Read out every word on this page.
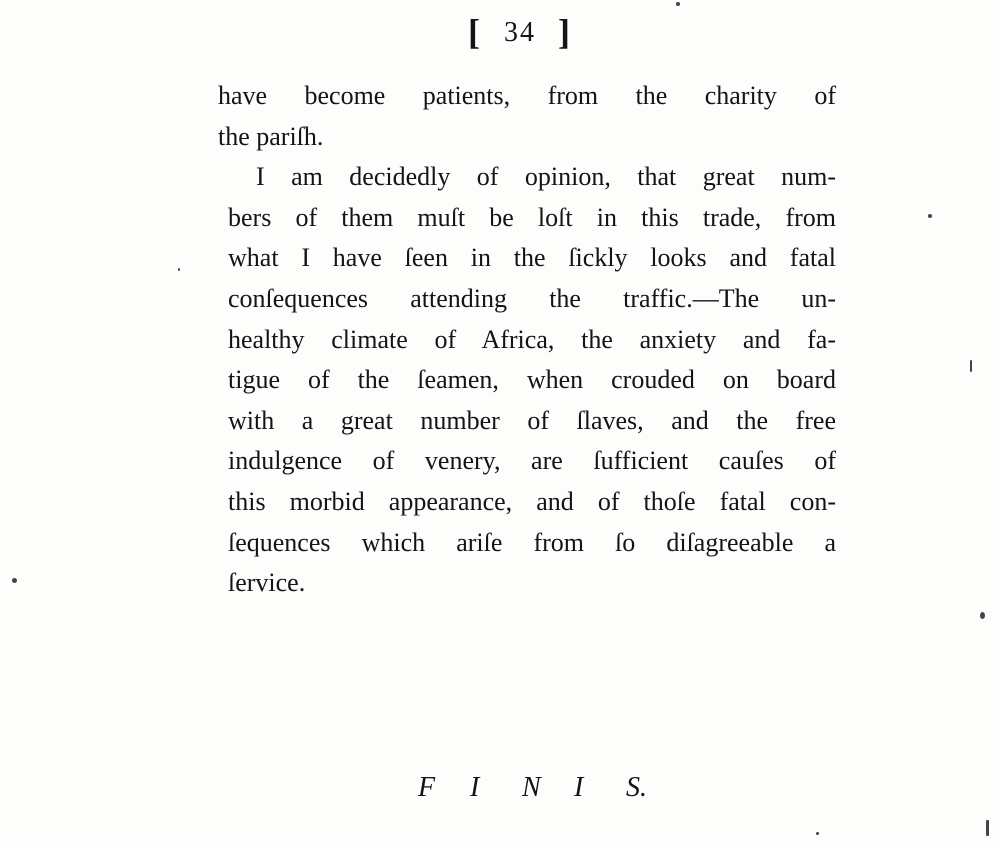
[ 34 ]
have become patients, from the charity of
the pariſh.
I am decidedly of opinion, that great num-
bers of them muſt be loſt in this trade, from
what I have ſeen in the ſickly looks and fatal
conſequences attending the traffic.—The un-
healthy climate of Africa, the anxiety and fa-
tigue of the ſeamen, when crouded on board
with a great number of ſlaves, and the free
indulgence of venery, are ſufficient cauſes of
this morbid appearance, and of thoſe fatal con-
ſequences which ariſe from ſo diſagreeable a
ſervice.
F I N I S.
